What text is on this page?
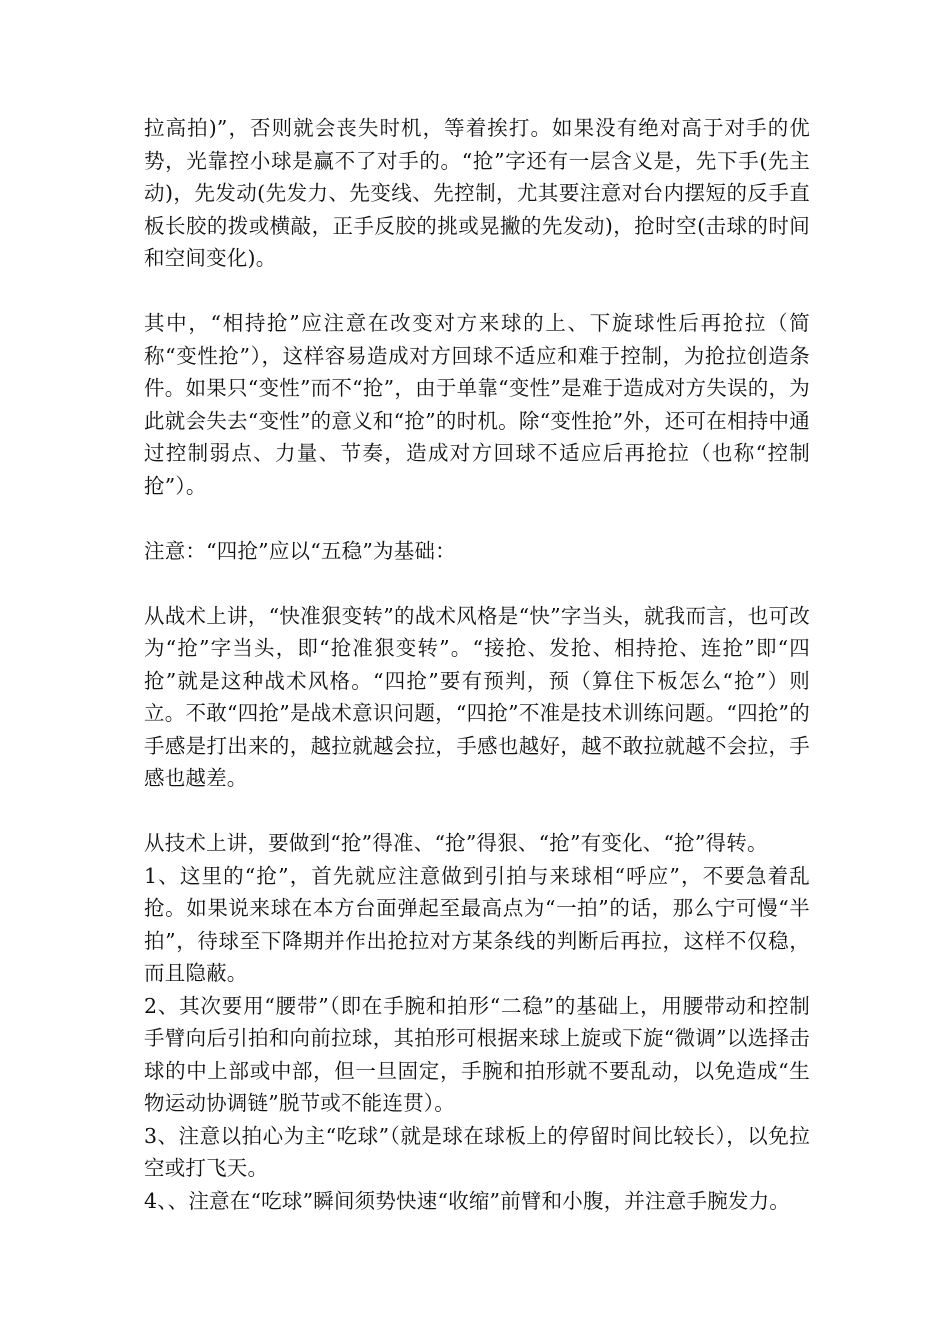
拉高拍)”，否则就会丧失时机，等着挨打。如果没有绝对高于对手的优势，光靠控小球是赢不了对手的。“抢”字还有一层含义是，先下手(先主动)，先发动(先发力、先变线、先控制，尤其要注意对台内摆短的反手直板长胶的拨或横敲，正手反胶的挑或晃撇的先发动)，抢时空(击球的时间和空间变化)。

其中，“相持抢”应注意在改变对方来球的上、下旋球性后再抢拉（简称“变性抢”），这样容易造成对方回球不适应和难于控制，为抢拉创造条件。如果只“变性”而不“抢”，由于单靠“变性”是难于造成对方失误的，为此就会失去“变性”的意义和“抢”的时机。除“变性抢”外，还可在相持中通过控制弱点、力量、节奏，造成对方回球不适应后再抢拉（也称“控制抢”）。

注意：“四抢”应以“五稳”为基础：

从战术上讲，“快准狠变转”的战术风格是“快”字当头，就我而言，也可改为“抢”字当头，即“抢准狠变转”。“接抢、发抢、相持抢、连抢”即“四抢”就是这种战术风格。“四抢”要有预判，预（算住下板怎么“抢”）则立。不敢“四抢”是战术意识问题，“四抢”不准是技术训练问题。“四抢”的手感是打出来的，越拉就越会拉，手感也越好，越不敢拉就越不会拉，手感也越差。

从技术上讲，要做到“抢”得准、“抢”得狠、“抢”有变化、“抢”得转。

1、这里的“抢”，首先就应注意做到引拍与来球相“呼应”，不要急着乱抢。如果说来球在本方台面弹起至最高点为“一拍”的话，那么宁可慢“半拍”，待球至下降期并作出抢拉对方某条线的判断后再拉，这样不仅稳，而且隐蔽。

2、其次要用“腰带”（即在手腕和拍形“二稳”的基础上，用腰带动和控制手臂向后引拍和向前拉球，其拍形可根据来球上旋或下旋“微调”以选择击球的中上部或中部，但一旦固定，手腕和拍形就不要乱动，以免造成“生物运动协调链”脱节或不能连贯）。

3、注意以拍心为主“吃球”（就是球在球板上的停留时间比较长），以免拉空或打飞天。

4、、注意在“吃球”瞬间须势快速“收缩”前臂和小腹，并注意手腕发力。
